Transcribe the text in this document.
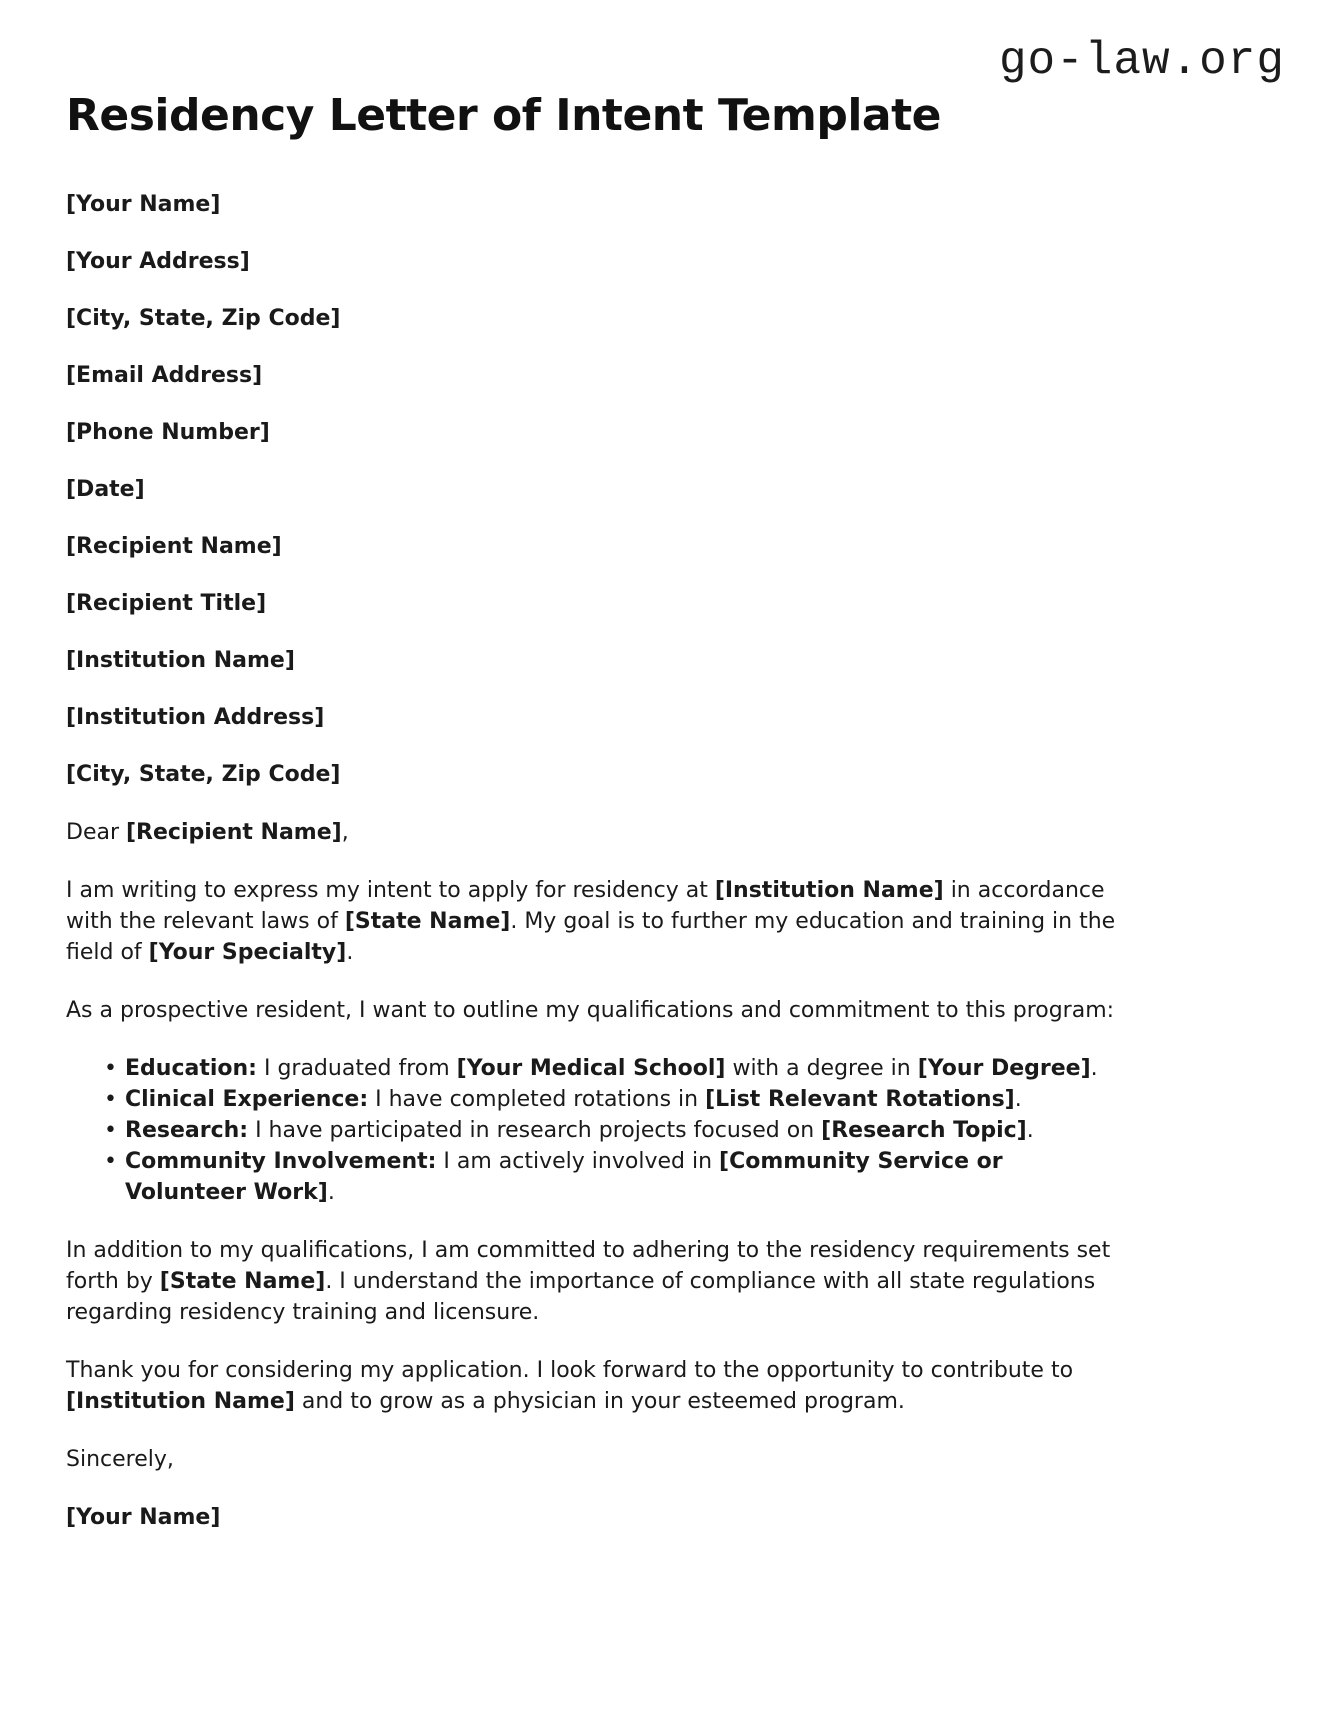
go-law.org
Residency Letter of Intent Template

[Your Name]

[Your Address]

[City, State, Zip Code]

[Email Address]

[Phone Number]

[Date]

[Recipient Name]

[Recipient Title]

[Institution Name]

[Institution Address]

[City, State, Zip Code]

Dear [Recipient Name],

I am writing to express my intent to apply for residency at [Institution Name] in accordance with the relevant laws of [State Name]. My goal is to further my education and training in the field of [Your Specialty].

As a prospective resident, I want to outline my qualifications and commitment to this program:

• Education: I graduated from [Your Medical School] with a degree in [Your Degree].
• Clinical Experience: I have completed rotations in [List Relevant Rotations].
• Research: I have participated in research projects focused on [Research Topic].
• Community Involvement: I am actively involved in [Community Service or Volunteer Work].

In addition to my qualifications, I am committed to adhering to the residency requirements set forth by [State Name]. I understand the importance of compliance with all state regulations regarding residency training and licensure.

Thank you for considering my application. I look forward to the opportunity to contribute to [Institution Name] and to grow as a physician in your esteemed program.

Sincerely,

[Your Name]
